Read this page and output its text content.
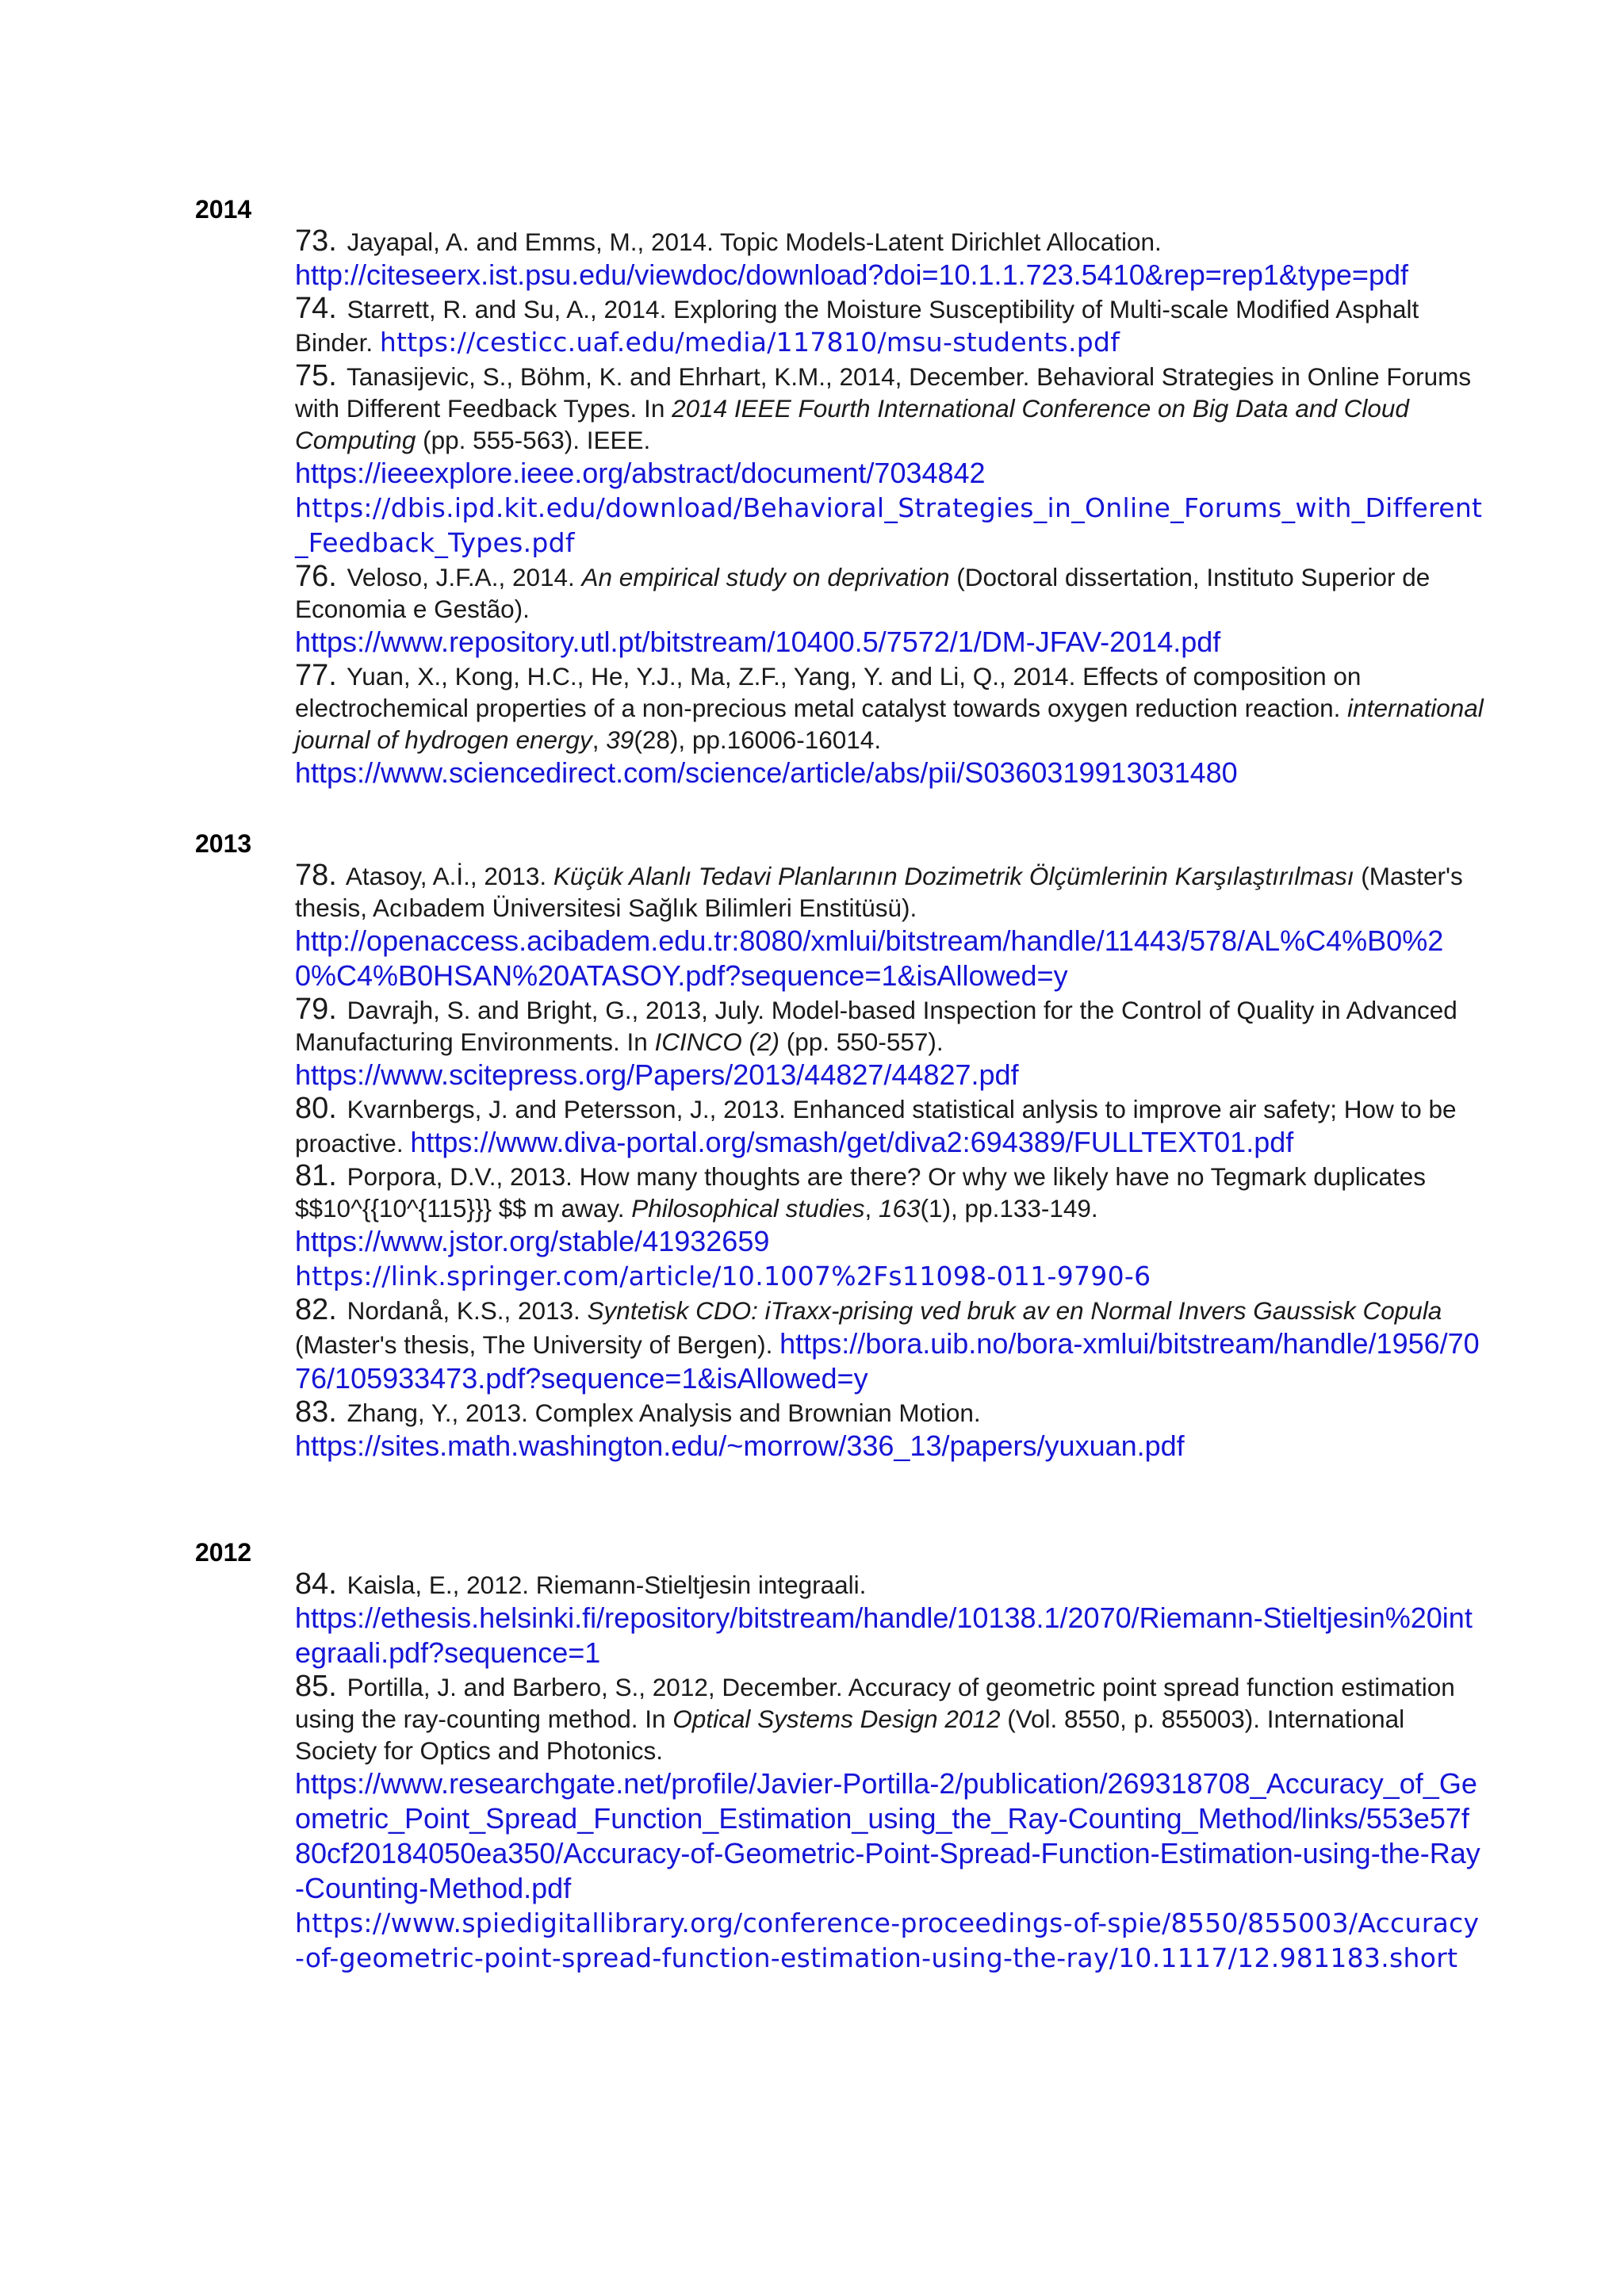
2014
73. Jayapal, A. and Emms, M., 2014. Topic Models-Latent Dirichlet Allocation.
http://citeseerx.ist.psu.edu/viewdoc/download?doi=10.1.1.723.5410&rep=rep1&type=pdf
74. Starrett, R. and Su, A., 2014. Exploring the Moisture Susceptibility of Multi-scale Modified Asphalt Binder. https://cesticc.uaf.edu/media/117810/msu-students.pdf
75. Tanasijevic, S., Böhm, K. and Ehrhart, K.M., 2014, December. Behavioral Strategies in Online Forums with Different Feedback Types. In 2014 IEEE Fourth International Conference on Big Data and Cloud Computing (pp. 555-563). IEEE.
https://ieeexplore.ieee.org/abstract/document/7034842
https://dbis.ipd.kit.edu/download/Behavioral_Strategies_in_Online_Forums_with_Different_Feedback_Types.pdf
76. Veloso, J.F.A., 2014. An empirical study on deprivation (Doctoral dissertation, Instituto Superior de Economia e Gestão).
https://www.repository.utl.pt/bitstream/10400.5/7572/1/DM-JFAV-2014.pdf
77. Yuan, X., Kong, H.C., He, Y.J., Ma, Z.F., Yang, Y. and Li, Q., 2014. Effects of composition on electrochemical properties of a non-precious metal catalyst towards oxygen reduction reaction. international journal of hydrogen energy, 39(28), pp.16006-16014.
https://www.sciencedirect.com/science/article/abs/pii/S0360319913031480
2013
78. Atasoy, A.İ., 2013. Küçük Alanlı Tedavi Planlarının Dozimetrik Ölçümlerinin Karşılaştırılması (Master's thesis, Acıbadem Üniversitesi Sağlık Bilimleri Enstitüsü).
http://openaccess.acibadem.edu.tr:8080/xmlui/bitstream/handle/11443/578/AL%C4%B0%20%C4%B0HSAN%20ATASOY.pdf?sequence=1&isAllowed=y
79. Davrajh, S. and Bright, G., 2013, July. Model-based Inspection for the Control of Quality in Advanced Manufacturing Environments. In ICINCO (2) (pp. 550-557).
https://www.scitepress.org/Papers/2013/44827/44827.pdf
80. Kvarnbergs, J. and Petersson, J., 2013. Enhanced statistical anlysis to improve air safety; How to be proactive. https://www.diva-portal.org/smash/get/diva2:694389/FULLTEXT01.pdf
81. Porpora, D.V., 2013. How many thoughts are there? Or why we likely have no Tegmark duplicates $$10^{{10^{115}}} $$ m away. Philosophical studies, 163(1), pp.133-149.
https://www.jstor.org/stable/41932659
https://link.springer.com/article/10.1007%2Fs11098-011-9790-6
82. Nordanå, K.S., 2013. Syntetisk CDO: iTraxx-prising ved bruk av en Normal Invers Gaussisk Copula (Master's thesis, The University of Bergen). https://bora.uib.no/bora-xmlui/bitstream/handle/1956/7076/105933473.pdf?sequence=1&isAllowed=y
83. Zhang, Y., 2013. Complex Analysis and Brownian Motion.
https://sites.math.washington.edu/~morrow/336_13/papers/yuxuan.pdf
2012
84. Kaisla, E., 2012. Riemann-Stieltjesin integraali.
https://ethesis.helsinki.fi/repository/bitstream/handle/10138.1/2070/Riemann-Stieltjesin%20integraali.pdf?sequence=1
85. Portilla, J. and Barbero, S., 2012, December. Accuracy of geometric point spread function estimation using the ray-counting method. In Optical Systems Design 2012 (Vol. 8550, p. 855003). International Society for Optics and Photonics.
https://www.researchgate.net/profile/Javier-Portilla-2/publication/269318708_Accuracy_of_Geometric_Point_Spread_Function_Estimation_using_the_Ray-Counting_Method/links/553e57f80cf20184050ea350/Accuracy-of-Geometric-Point-Spread-Function-Estimation-using-the-Ray-Counting-Method.pdf
https://www.spiedigitallibrary.org/conference-proceedings-of-spie/8550/855003/Accuracy-of-geometric-point-spread-function-estimation-using-the-ray/10.1117/12.981183.short
